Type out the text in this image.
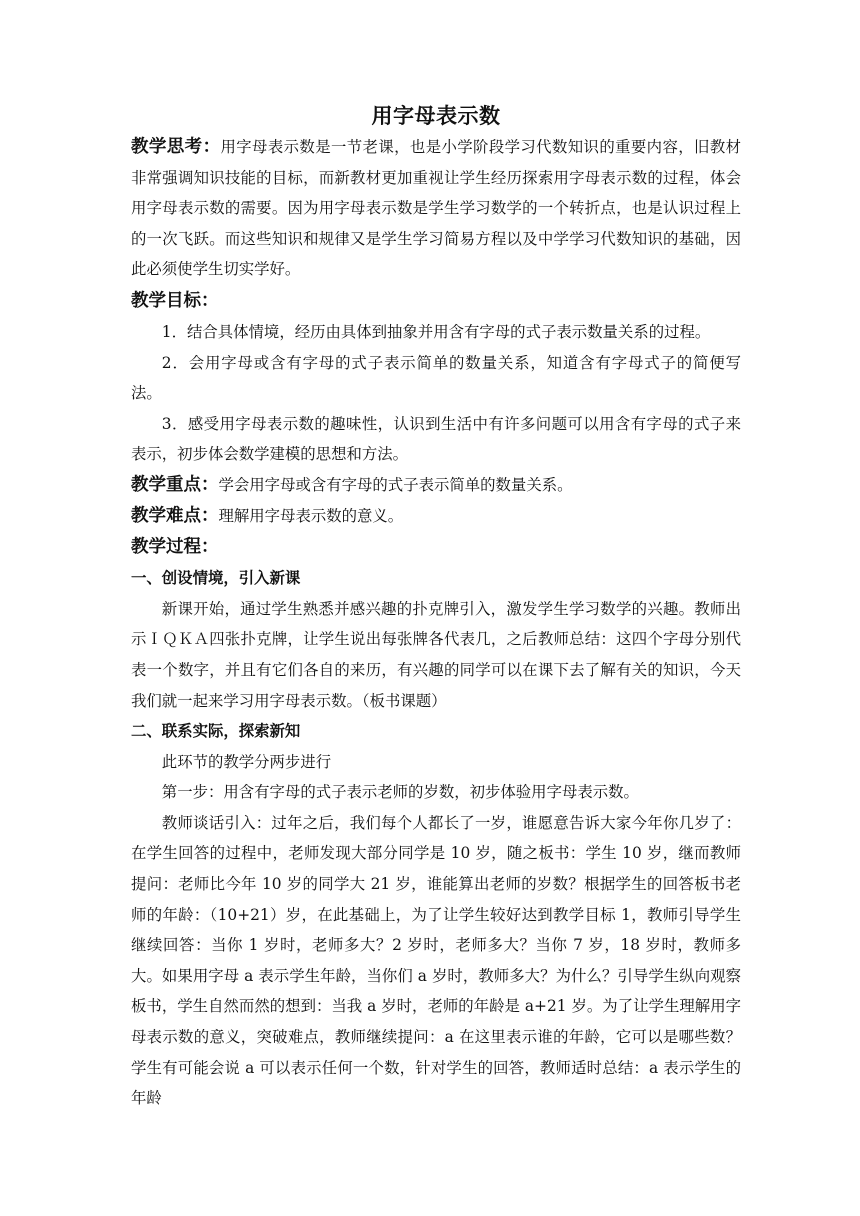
用字母表示数

教学思考：用字母表示数是一节老课，也是小学阶段学习代数知识的重要内容，旧教材非常强调知识技能的目标，而新教材更加重视让学生经历探索用字母表示数的过程，体会用字母表示数的需要。因为用字母表示数是学生学习数学的一个转折点，也是认识过程上的一次飞跃。而这些知识和规律又是学生学习简易方程以及中学学习代数知识的基础，因此必须使学生切实学好。

教学目标：

1．结合具体情境，经历由具体到抽象并用含有字母的式子表示数量关系的过程。

2．会用字母或含有字母的式子表示简单的数量关系，知道含有字母式子的简便写法。

3．感受用字母表示数的趣味性，认识到生活中有许多问题可以用含有字母的式子来表示，初步体会数学建模的思想和方法。

教学重点：学会用字母或含有字母的式子表示简单的数量关系。

教学难点：理解用字母表示数的意义。

教学过程：

一、创设情境，引入新课

新课开始，通过学生熟悉并感兴趣的扑克牌引入，激发学生学习数学的兴趣。教师出示ＩＱＫＡ四张扑克牌，让学生说出每张牌各代表几，之后教师总结：这四个字母分别代表一个数字，并且有它们各自的来历，有兴趣的同学可以在课下去了解有关的知识，今天我们就一起来学习用字母表示数。（板书课题）

二、联系实际，探索新知

此环节的教学分两步进行

第一步：用含有字母的式子表示老师的岁数，初步体验用字母表示数。

教师谈话引入：过年之后，我们每个人都长了一岁，谁愿意告诉大家今年你几岁了：在学生回答的过程中，老师发现大部分同学是 10 岁，随之板书：学生 10 岁，继而教师提问：老师比今年 10 岁的同学大 21 岁，谁能算出老师的岁数？根据学生的回答板书老师的年龄：（10+21）岁，在此基础上，为了让学生较好达到教学目标 1，教师引导学生继续回答：当你 1 岁时，老师多大？2 岁时，老师多大？当你 7 岁，18 岁时，教师多大。如果用字母 a 表示学生年龄，当你们 a 岁时，教师多大？为什么？引导学生纵向观察板书，学生自然而然的想到：当我 a 岁时，老师的年龄是 a+21 岁。为了让学生理解用字母表示数的意义，突破难点，教师继续提问：a 在这里表示谁的年龄，它可以是哪些数？学生有可能会说 a 可以表示任何一个数，针对学生的回答，教师适时总结：a 表示学生的年龄
